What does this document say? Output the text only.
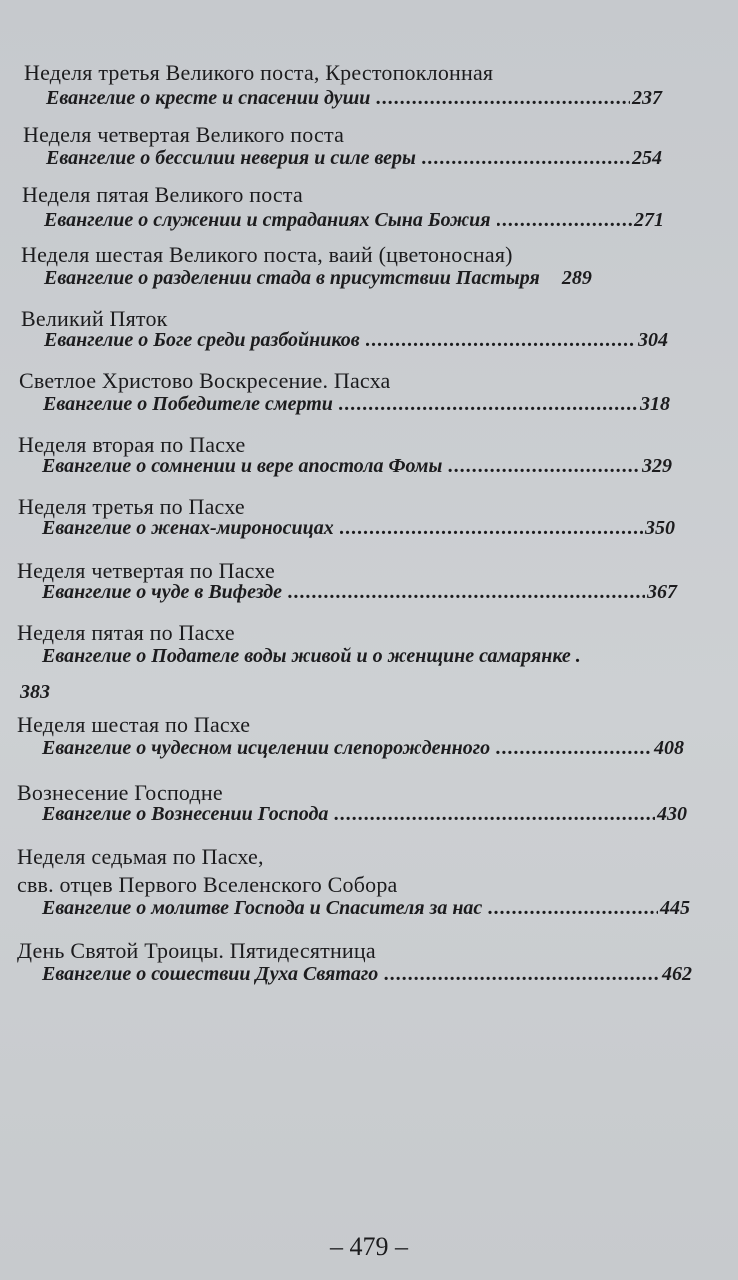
Неделя третья Великого поста, Крестопоклонная
Евангелие о кресте и спасении души .....	237
Неделя четвертая Великого поста
Евангелие о бессилии неверия и силе веры .....	254
Неделя пятая Великого поста
Евангелие о служении и страданиях Сына Божия .....	271
Неделя шестая Великого поста, ваий (цветоносная)
Евангелие о разделении стада в присутствии Пастыря 289
Великий Пяток
Евангелие о Боге среди разбойников .....	304
Светлое Христово Воскресение. Пасха
Евангелие о Победителе смерти .....	318
Неделя вторая по Пасхе
Евангелие о сомнении и вере апостола Фомы .....	329
Неделя третья по Пасхе
Евангелие о женах-мироносицах .....	350
Неделя четвертая по Пасхе
Евангелие о чуде в Вифезде .....	367
Неделя пятая по Пасхе
Евангелие о Подателе воды живой и о женщине самарянке .
383
Неделя шестая по Пасхе
Евангелие о чудесном исцелении слепорожденного .....	408
Вознесение Господне
Евангелие о Вознесении Господа .....	430
Неделя седьмая по Пасхе,
свв. отцев Первого Вселенского Собора
Евангелие о молитве Господа и Спасителя за нас .....	445
День Святой Троицы. Пятидесятница
Евангелие о сошествии Духа Святаго .....	462
– 479 –
